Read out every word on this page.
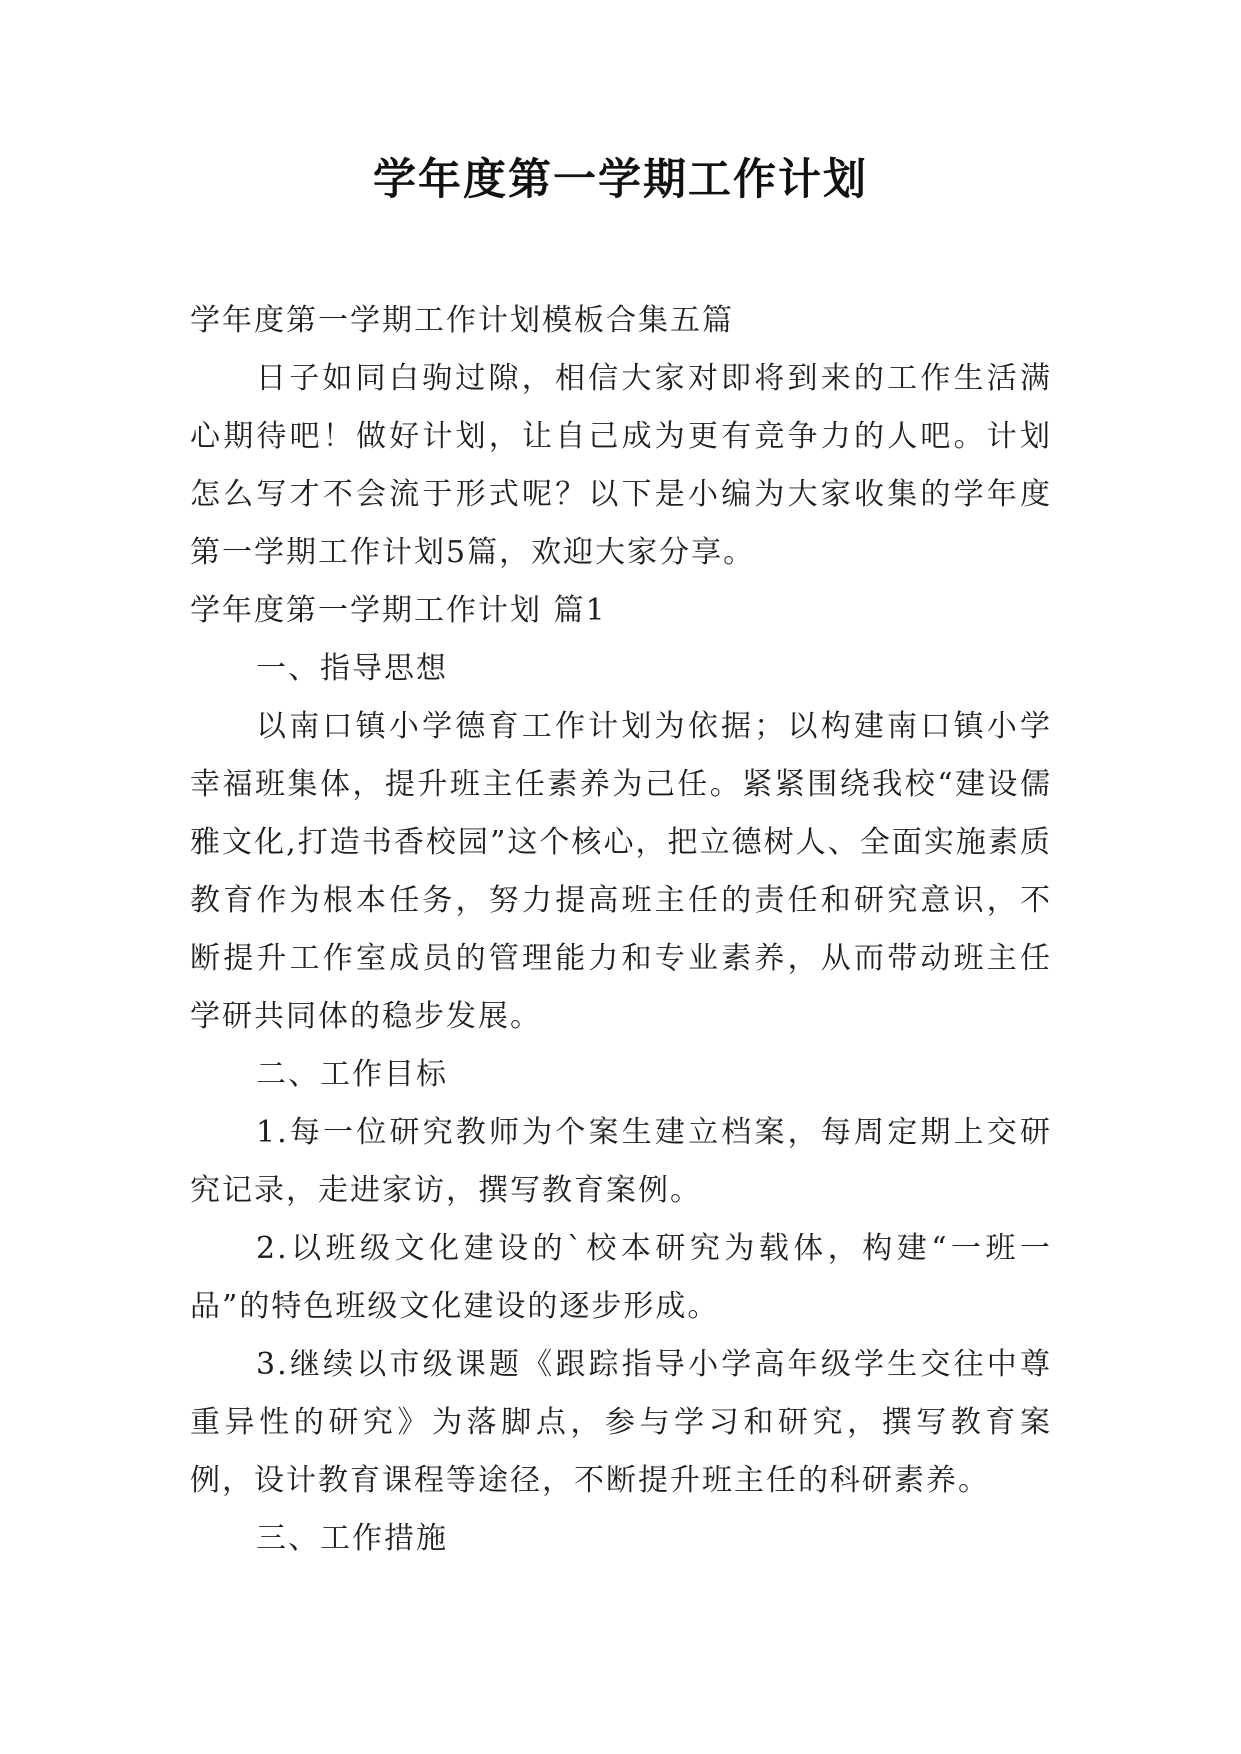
学年度第一学期工作计划

学年度第一学期工作计划模板合集五篇

日子如同白驹过隙，相信大家对即将到来的工作生活满心期待吧！做好计划，让自己成为更有竞争力的人吧。计划怎么写才不会流于形式呢？以下是小编为大家收集的学年度第一学期工作计划5篇，欢迎大家分享。

学年度第一学期工作计划 篇1

一、指导思想

以南口镇小学德育工作计划为依据；以构建南口镇小学幸福班集体，提升班主任素养为己任。紧紧围绕我校“建设儒雅文化,打造书香校园”这个核心，把立德树人、全面实施素质教育作为根本任务，努力提高班主任的责任和研究意识，不断提升工作室成员的管理能力和专业素养，从而带动班主任学研共同体的稳步发展。

二、工作目标

1.每一位研究教师为个案生建立档案，每周定期上交研究记录，走进家访，撰写教育案例。

2.以班级文化建设的`校本研究为载体，构建“一班一品”的特色班级文化建设的逐步形成。

3.继续以市级课题《跟踪指导小学高年级学生交往中尊重异性的研究》为落脚点，参与学习和研究，撰写教育案例，设计教育课程等途径，不断提升班主任的科研素养。

三、工作措施
